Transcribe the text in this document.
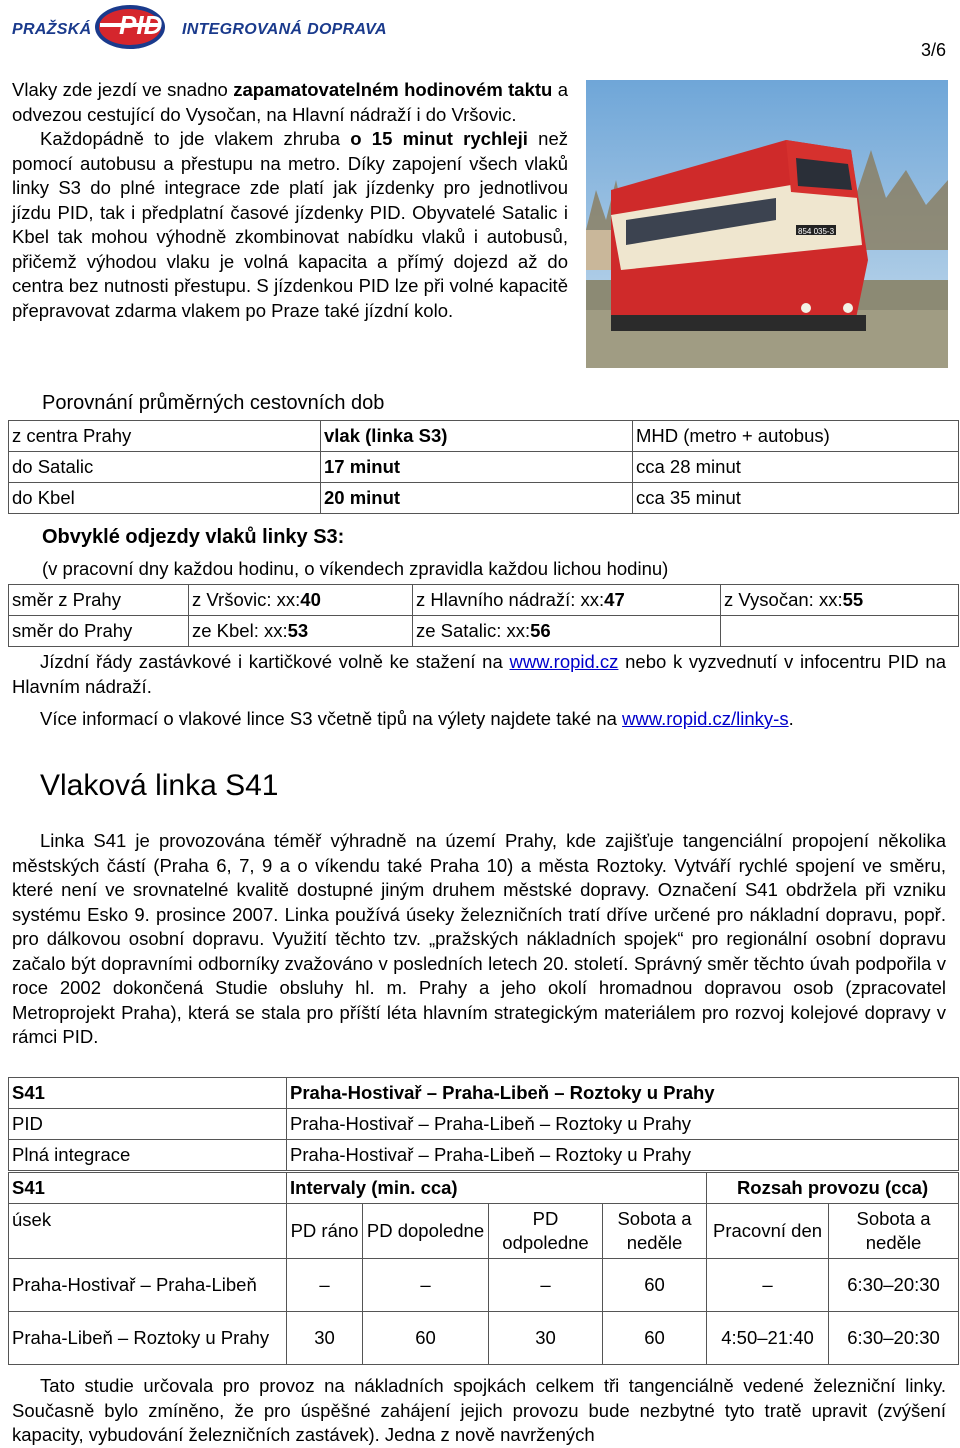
PRAŽSKÁ PID INTEGROVANÁ DOPRAVA
3/6

Vlaky zde jezdí ve snadno zapamatovatelném hodinovém taktu a odvezou cestující do Vysočan, na Hlavní nádraží i do Vršovic.

Každopádně to jde vlakem zhruba o 15 minut rychleji než pomocí autobusu a přestupu na metro. Díky zapojení všech vlaků linky S3 do plné integrace zde platí jak jízdenky pro jednotlivou jízdu PID, tak i předplatní časové jízdenky PID. Obyvatelé Satalic i Kbel tak mohou výhodně zkombinovat nabídku vlaků i autobusů, přičemž výhodou vlaku je volná kapacita a přímý dojezd až do centra bez nutnosti přestupu. S jízdenkou PID lze při volné kapacitě přepravovat zdarma vlakem po Praze také jízdní kolo.

854 035-3
Porovnání průměrných cestovních dob
z centra Prahy	vlak (linka S3)	MHD (metro + autobus)
do Satalic	17 minut	cca 28 minut
do Kbel	20 minut	cca 35 minut
Obvyklé odjezdy vlaků linky S3:
(v pracovní dny každou hodinu, o víkendech zpravidla každou lichou hodinu)
směr z Prahy	z Vršovic: xx:40	z Hlavního nádraží: xx:47	z Vysočan: xx:55
směr do Prahy	ze Kbel: xx:53	ze Satalic: xx:56	

Jízdní řády zastávkové i kartičkové volně ke stažení na www.ropid.cz nebo k vyzvednutí v infocentru PID na Hlavním nádraží.

Více informací o vlakové lince S3 včetně tipů na výlety najdete také na www.ropid.cz/linky-s.

Vlaková linka S41

Linka S41 je provozována téměř výhradně na území Prahy, kde zajišťuje tangenciální propojení několika městských částí (Praha 6, 7, 9 a o víkendu také Praha 10) a města Roztoky. Vytváří rychlé spojení ve směru, které není ve srovnatelné kvalitě dostupné jiným druhem městské dopravy. Označení S41 obdržela při vzniku systému Esko 9. prosince 2007. Linka používá úseky železničních tratí dříve určené pro nákladní dopravu, popř. pro dálkovou osobní dopravu. Využití těchto tzv. „pražských nákladních spojek“ pro regionální osobní dopravu začalo být dopravními odborníky zvažováno v posledních letech 20. století. Správný směr těchto úvah podpořila v roce 2002 dokončená Studie obsluhy hl. m. Prahy a jeho okolí hromadnou dopravou osob (zpracovatel Metroprojekt Praha), která se stala pro příští léta hlavním strategickým materiálem pro rozvoj kolejové dopravy v rámci PID.

S41	Praha-Hostivař – Praha-Libeň – Roztoky u Prahy
PID	Praha-Hostivař – Praha-Libeň – Roztoky u Prahy
Plná integrace	Praha-Hostivař – Praha-Libeň – Roztoky u Prahy
S41	Intervaly (min. cca)				Rozsah provozu (cca)	
úsek	PD ráno	PD dopoledne	PD odpoledne	Sobota a neděle	Pracovní den	Sobota a neděle
Praha-Hostivař – Praha-Libeň	–	–	–	60	–	6:30–20:30
Praha-Libeň – Roztoky u Prahy	30	60	30	60	4:50–21:40	6:30–20:30

Tato studie určovala pro provoz na nákladních spojkách celkem tři tangenciálně vedené železniční linky. Současně bylo zmíněno, že pro úspěšné zahájení jejich provozu bude nezbytné tyto tratě upravit (zvýšení kapacity, vybudování železničních zastávek). Jedna z nově navržených
